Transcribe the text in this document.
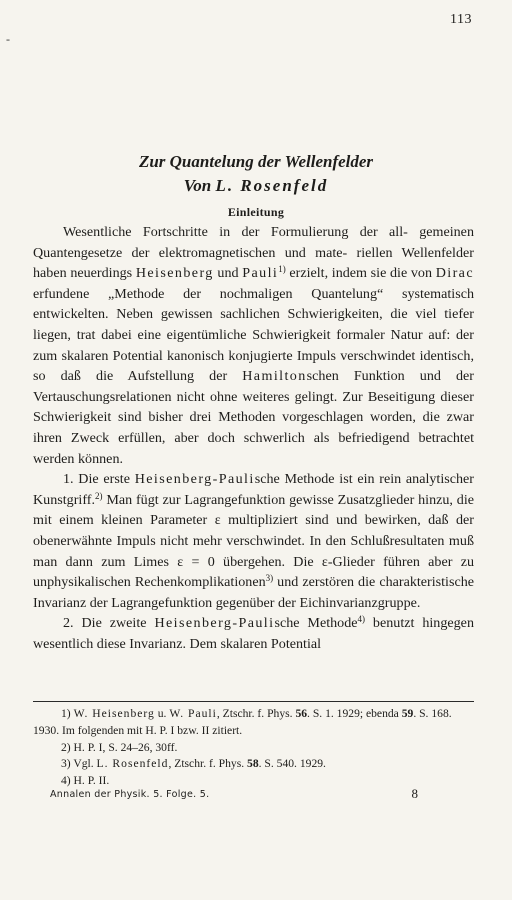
113
-
Zur Quantelung der Wellenfelder
Von L. Rosenfeld
Einleitung

Wesentliche Fortschritte in der Formulierung der all- gemeinen Quantengesetze der elektromagnetischen und mate- riellen Wellenfelder haben neuerdings Heisenberg und Pauli$^{1)}$ erzielt, indem sie die von Dirac erfundene „Methode der nochmaligen Quantelung“ systematisch entwickelten. Neben gewissen sachlichen Schwierigkeiten, die viel tiefer liegen, trat dabei eine eigentümliche Schwierigkeit formaler Natur auf: der zum skalaren Potential kanonisch konjugierte Impuls verschwindet identisch, so daß die Aufstellung der Hamiltonschen Funktion und der Vertauschungsrelationen nicht ohne weiteres gelingt. Zur Beseitigung dieser Schwierigkeit sind bisher drei Methoden vorgeschlagen worden, die zwar ihren Zweck erfüllen, aber doch schwerlich als befriedigend betrachtet werden können.

1. Die erste Heisenberg-Paulische Methode ist ein rein analytischer Kunstgriff.$^{2)}$ Man fügt zur Lagrangefunktion gewisse Zusatzglieder hinzu, die mit einem kleinen Parameter ε multipliziert sind und bewirken, daß der obenerwähnte Impuls nicht mehr verschwindet. In den Schlußresultaten muß man dann zum Limes ε = 0 übergehen. Die ε-Glieder führen aber zu unphysikalischen Rechenkomplikationen$^{3)}$ und zerstören die charakteristische Invarianz der Lagrangefunktion gegenüber der Eichinvarianzgruppe.

2. Die zweite Heisenberg-Paulische Methode$^{4)}$ benutzt hingegen wesentlich diese Invarianz. Dem skalaren Potential

1) W. Heisenberg u. W. Pauli, Ztschr. f. Phys. 56. S. 1. 1929; ebenda 59. S. 168. 1930. Im folgenden mit H. P. I bzw. II zitiert.
2) H. P. I, S. 24–26, 30ff.
3) Vgl. L. Rosenfeld, Ztschr. f. Phys. 58. S. 540. 1929.
4) H. P. II.
Annalen der Physik. 5. Folge. 5.	8
